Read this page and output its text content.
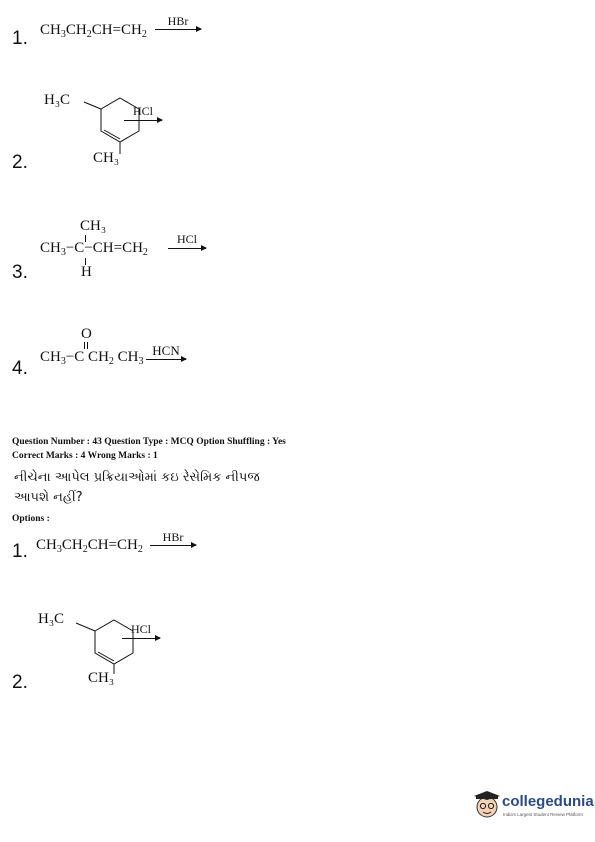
1. $CH_3CH_2CH=CH_2$
HBr
2.
H₃C
CH₃
HCl
3.
CH₃
$CH_3-C-CH=CH_2$
H
HCl
4.
O
$CH_3-C$ $CH_2$ $CH_3$
HCN
Question Number : 43 Question Type : MCQ Option Shuffling : Yes
Correct Marks : 4 Wrong Marks : 1
નીચેના આપેલ પ્રક્રિયાઓમાં કઇ રેસેમિક નીપજ આપશે નહીં?
Options :
1. $CH_3CH_2CH=CH_2$
HBr
2.
H₃C
CH₃
HCl
collegedunia
India's Largest Student Review Platform
